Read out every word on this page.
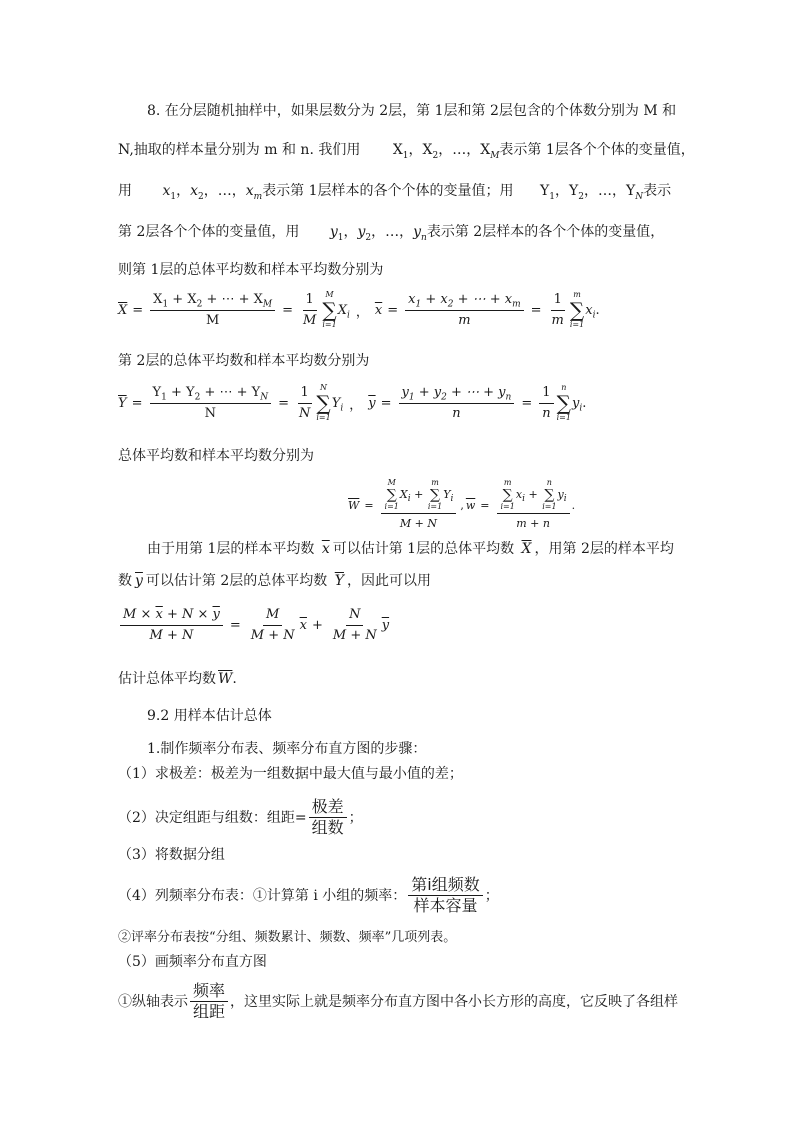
8. 在分层随机抽样中，如果层数分为 2层，第 1层和第 2层包含的个体数分别为 M 和
N,抽取的样本量分别为 m 和 n. 我们用 $X_1$，$X_2$，…，$X_M$表示第 1层各个个体的变量值，
用 $x_1$，$x_2$，…，$x_m$表示第 1层样本的各个个体的变量值；用 $Y_1$，$Y_2$，…，$Y_N$表示
第 2层各个个体的变量值，用 $y_1$，$y_2$，…，$y_n$表示第 2层样本的各个个体的变量值，
则第 1层的总体平均数和样本平均数分别为
$\overline{X} = \frac{X_1 + X_2 + \cdots + X_M}{M} = \frac{1}{M}$ M
∑
i=1
$X_i$ ， $\overline{x} = \frac{x_1 + x_2 + \cdots + x_m}{m} = \frac{1}{m}$ m
∑
i=1
$x_i$ .
第 2层的总体平均数和样本平均数分别为
$\overline{Y} = \frac{Y_1 + Y_2 + \cdots + Y_N}{N} = \frac{1}{N}$ N
∑
i=1
$Y_i$ ， $\overline{y} = \frac{y_1 + y_2 + \cdots + y_n}{n} = \frac{1}{n}$ n
∑
i=1
$y_i$ .
总体平均数和样本平均数分别为
$\overline{W} = M$
∑
i=1
$X_i$ +
m
∑
i=1
$Y_i$
M + N , $\overline{w} = m$
∑
i=1
$x_i$ +
n
∑
i=1
$y_i$
m + n .
由于用第 1层的样本平均数 $\overline{x}$ 可以估计第 1层的总体平均数 $\overline{X}$ ，用第 2层的样本平均
数 $\overline{y}$ 可以估计第 2层的总体平均数 $\overline{Y}$ ，因此可以用
$\frac{M \times \overline{x} + N \times \overline{y}}{M + N} = \frac{M}{M + N} \overline{x} + \frac{N}{M + N} \overline{y}$
估计总体平均数 $\overline{W}$.
9.2 用样本估计总体
1.制作频率分布表、频率分布直方图的步骤：
（1）求极差：极差为一组数据中最大值与最小值的差；
（2）决定组距与组数：组距= $\frac{\text{极差}}{\text{组数}}$ ；
（3）将数据分组
（4）列频率分布表：①计算第 i 小组的频率： $\frac{\text{第i组频数}}{\text{样本容量}}$ ；
②评率分布表按“分组、频数累计、频数、频率”几项列表。
（5）画频率分布直方图
①纵轴表示 $\frac{\text{频率}}{\text{组距}}$ ，这里实际上就是频率分布直方图中各小长方形的高度，它反映了各组样
